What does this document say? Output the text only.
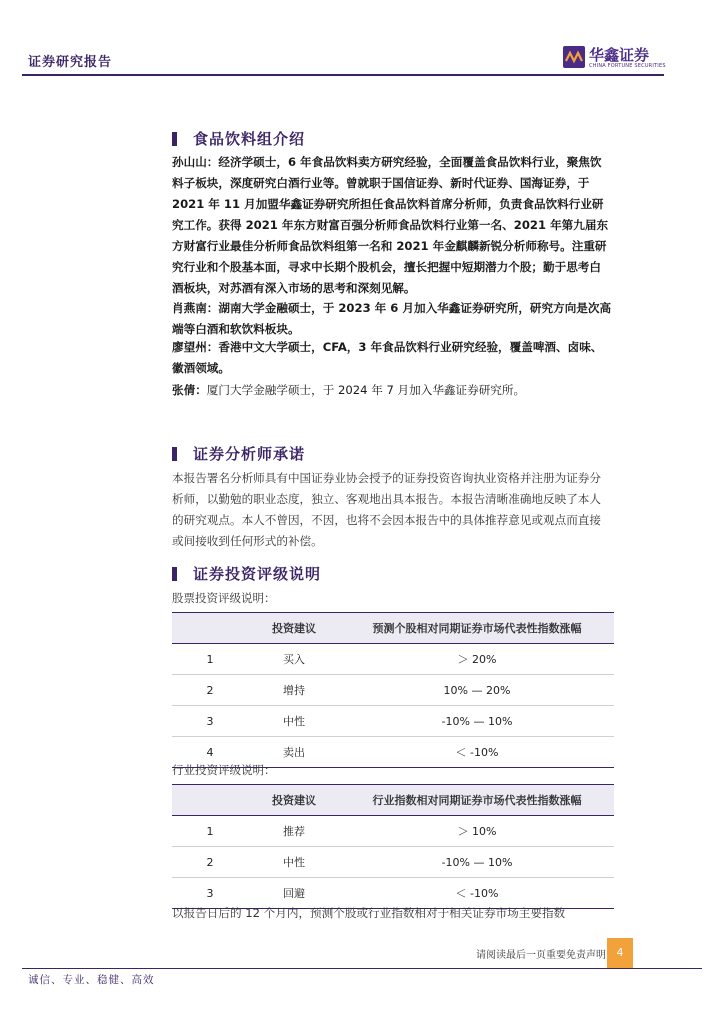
证券研究报告	华鑫证券
CHINA FORTUNE SECURITIES
食品饮料组介绍
孙山山：经济学硕士，6 年食品饮料卖方研究经验，全面覆盖食品饮料行业，聚焦饮料子板块，深度研究白酒行业等。曾就职于国信证券、新时代证券、国海证券，于 2021 年 11 月加盟华鑫证券研究所担任食品饮料首席分析师，负责食品饮料行业研究工作。获得 2021 年东方财富百强分析师食品饮料行业第一名、2021 年第九届东方财富行业最佳分析师食品饮料组第一名和 2021 年金麒麟新锐分析师称号。注重研究行业和个股基本面，寻求中长期个股机会，擅长把握中短期潜力个股；勤于思考白酒板块，对苏酒有深入市场的思考和深刻见解。
肖燕南：湖南大学金融硕士，于 2023 年 6 月加入华鑫证券研究所，研究方向是次高端等白酒和软饮料板块。
廖望州：香港中文大学硕士，CFA，3 年食品饮料行业研究经验，覆盖啤酒、卤味、徽酒领域。
张倩：厦门大学金融学硕士，于 2024 年 7 月加入华鑫证券研究所。
证券分析师承诺
本报告署名分析师具有中国证券业协会授予的证券投资咨询执业资格并注册为证券分析师，以勤勉的职业态度，独立、客观地出具本报告。本报告清晰准确地反映了本人的研究观点。本人不曾因，不因，也将不会因本报告中的具体推荐意见或观点而直接或间接收到任何形式的补偿。
证券投资评级说明
股票投资评级说明：
	投资建议	预测个股相对同期证券市场代表性指数涨幅
1	买入	＞ 20%
2	增持	10% — 20%
3	中性	-10% — 10%
4	卖出	＜ -10%
行业投资评级说明：
	投资建议	行业指数相对同期证券市场代表性指数涨幅
1	推荐	＞ 10%
2	中性	-10% — 10%
3	回避	＜ -10%
以报告日后的 12 个月内，预测个股或行业指数相对于相关证券市场主要指数
请阅读最后一页重要免责声明 4
诚信、专业、稳健、高效
